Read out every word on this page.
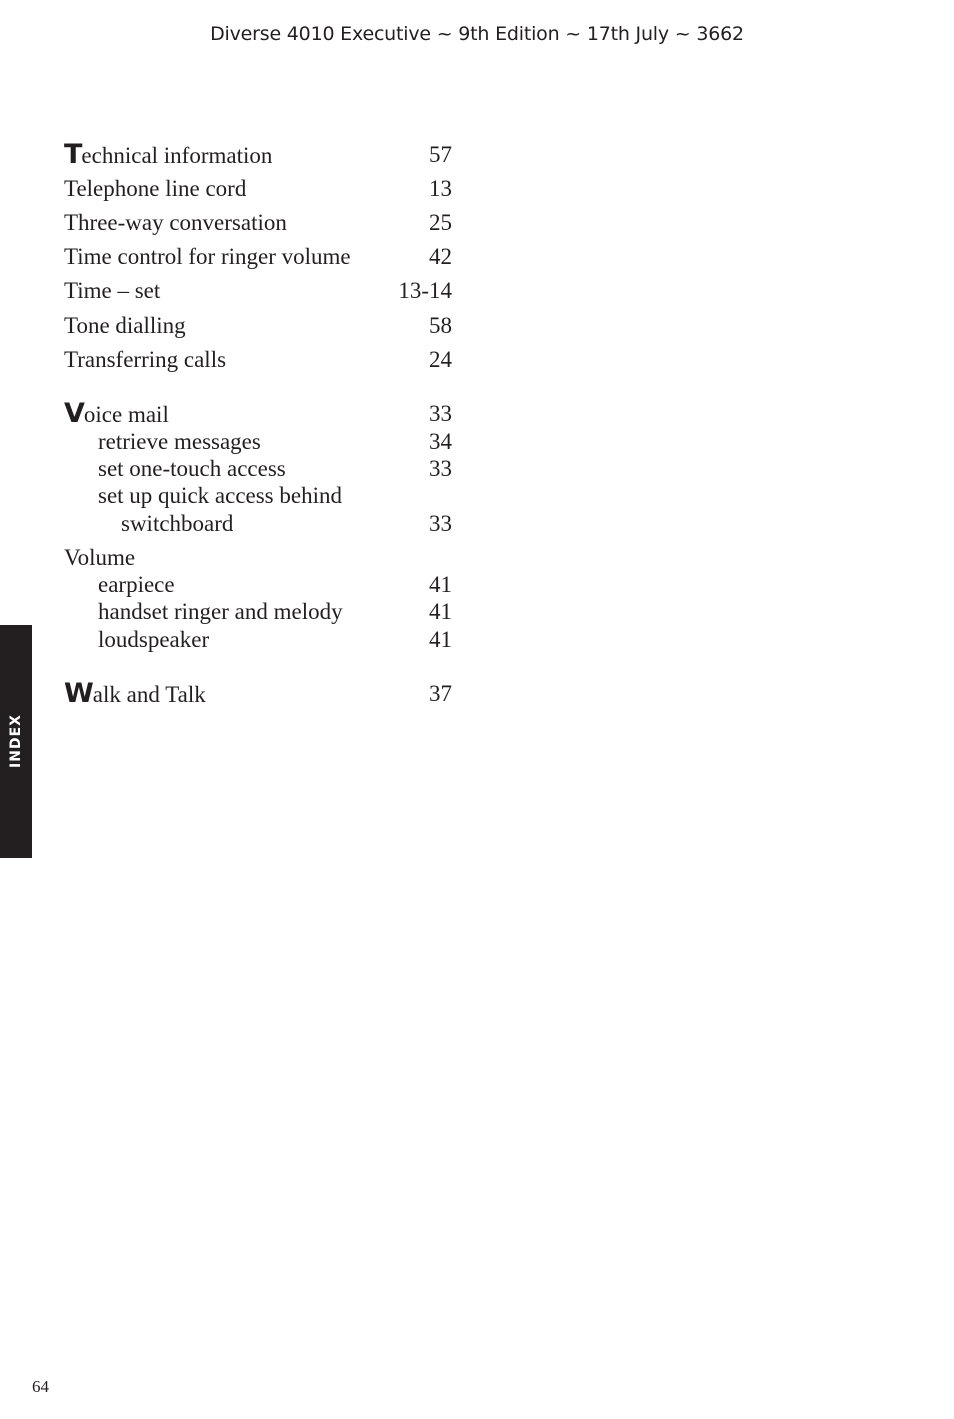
Diverse 4010 Executive ~ 9th Edition ~ 17th July ~ 3662
INDEX
Technical information	57
Telephone line cord	13
Three-way conversation	25
Time control for ringer volume	42
Time – set	13-14
Tone dialling	58
Transferring calls	24
Voice mail	33
retrieve messages	34
set one-touch access	33
set up quick access behind
switchboard	33
Volume
earpiece	41
handset ringer and melody	41
loudspeaker	41
Walk and Talk	37
64
